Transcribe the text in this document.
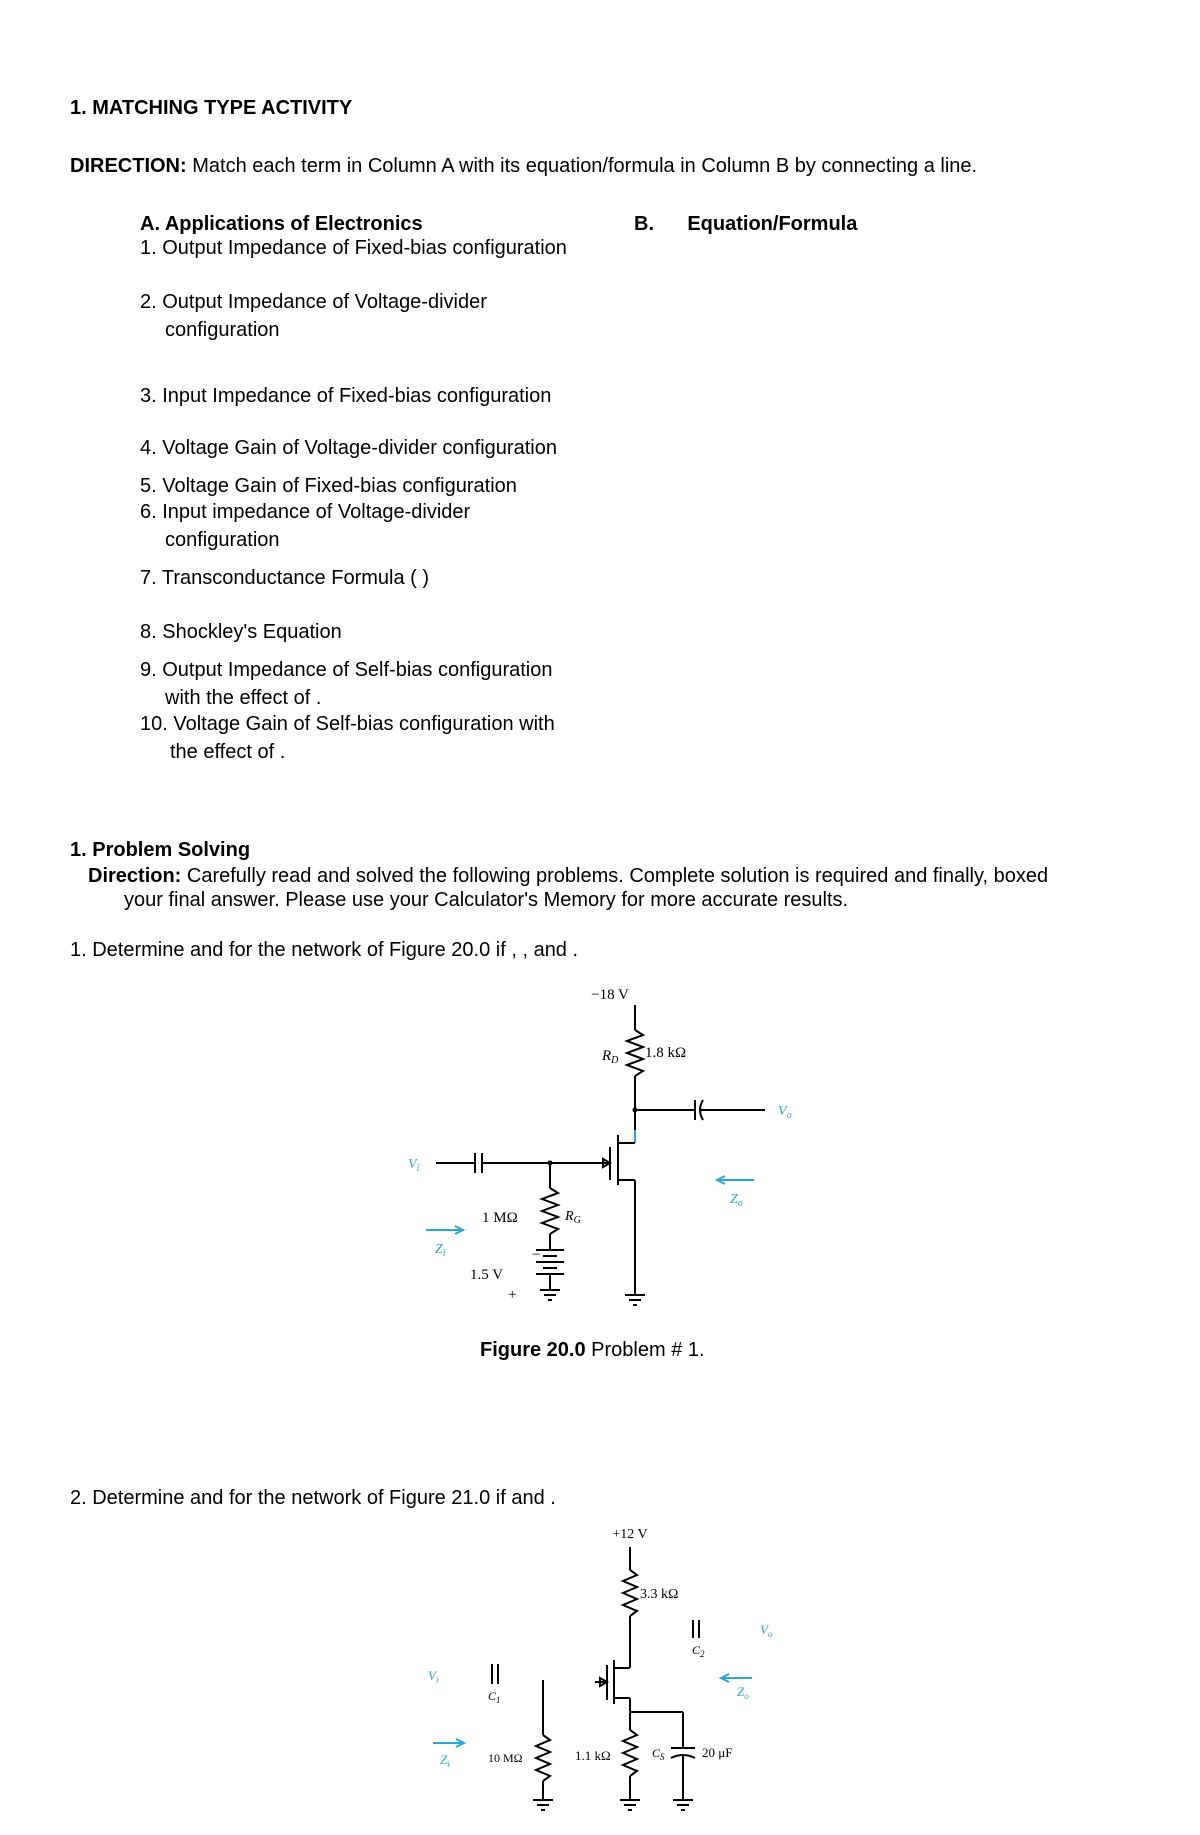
1. MATCHING TYPE ACTIVITY

DIRECTION: Match each term in Column A with its equation/formula in Column B by connecting a line.

A. Applications of Electronics	B.      Equation/Formula

1. Output Impedance of Fixed-bias configuration

2. Output Impedance of Voltage-divider

configuration

3. Input Impedance of Fixed-bias configuration

4. Voltage Gain of Voltage-divider configuration

5. Voltage Gain of Fixed-bias configuration

6. Input impedance of Voltage-divider

configuration

7. Transconductance Formula ( )

8. Shockley's Equation

9. Output Impedance of Self-bias configuration

with the effect of .

10. Voltage Gain of Self-bias configuration with

the effect of .

1. Problem Solving

Direction: Carefully read and solved the following problems. Complete solution is required and finally, boxed

your final answer. Please use your Calculator's Memory for more accurate results.

1. Determine and for the network of Figure 20.0 if , , and .

−18 V
$R_D$ 1.8 kΩ
$V_o$
$V_i$
1 MΩ	$R_G$
−
1.5 V
+
$Z_i$
$Z_o$

Figure 20.0 Problem # 1.

2. Determine and for the network of Figure 21.0 if and .

+12 V
3.3 kΩ
$C_2$
$V_o$
1.1 kΩ	$C_S$	20 μF
$V_i$
$C_1$
10 MΩ
$Z_i$
$Z_o$
